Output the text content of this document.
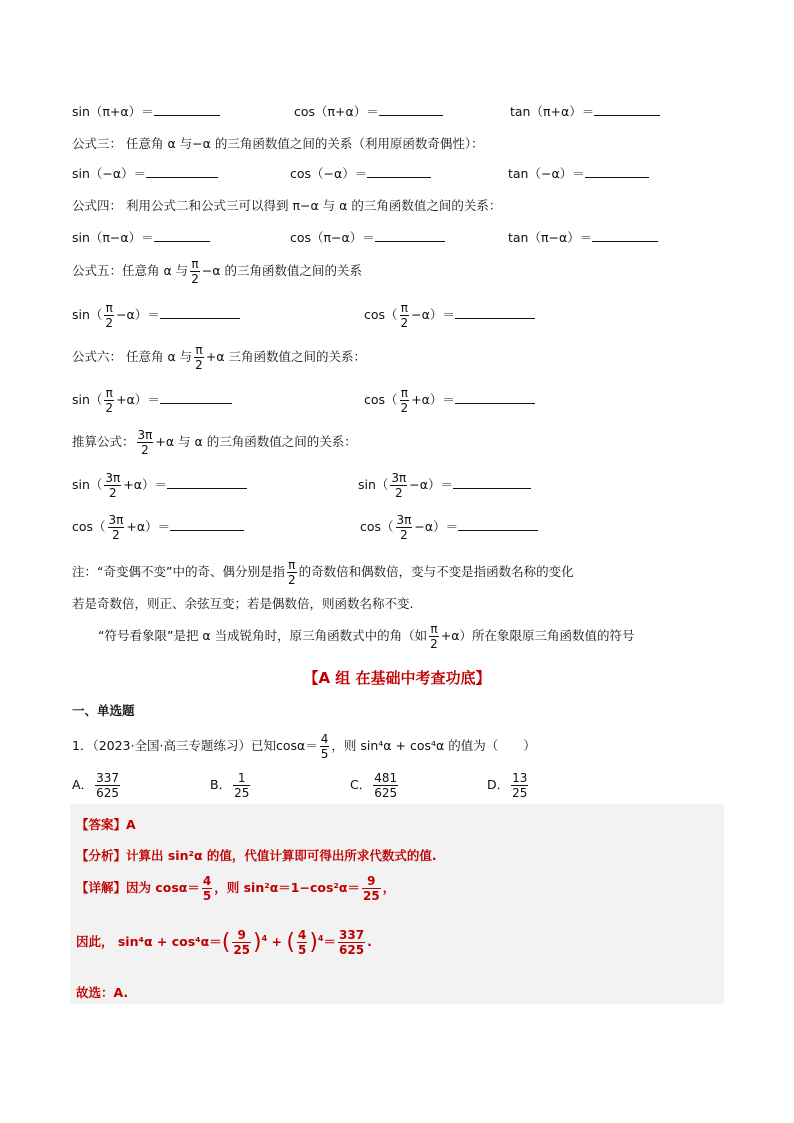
sin（π+α）＝	cos（π+α）＝	tan（π+α）＝
公式三： 任意角 α 与−α 的三角函数值之间的关系（利用原函数奇偶性）：
sin（−α）＝	cos（−α）＝	tan（−α）＝
公式四： 利用公式二和公式三可以得到 π−α 与 α 的三角函数值之间的关系：
sin（π−α）＝	cos（π−α）＝	tan（π−α）＝
公式五：任意角 α 与 $\frac{\pi}{2} -\alpha$ 的三角函数值之间的关系
$\sin( \frac{\pi}{2} -\alpha)=$	$\cos( \frac{\pi}{2} -\alpha)=$
公式六： 任意角 α 与 $\frac{\pi}{2} +\alpha$ 三角函数值之间的关系：
$\sin( \frac{\pi}{2} +\alpha)=$	$\cos( \frac{\pi}{2} +\alpha)=$
推算公式： $\frac{3\pi}{2} +\alpha$ 与 α 的三角函数值之间的关系：
$\sin( \frac{3\pi}{2} +\alpha)=$	$\sin( \frac{3\pi}{2} -\alpha)=$
$\cos( \frac{3\pi}{2} +\alpha)=$	$\cos( \frac{3\pi}{2} -\alpha)=$
注：“奇变偶不变”中的奇、偶分别是指 $\frac{\pi}{2}$ 的奇数倍和偶数倍，变与不变是指函数名称的变化
若是奇数倍，则正、余弦互变；若是偶数倍，则函数名称不变.
“符号看象限”是把 α 当成锐角时，原三角函数式中的角（如 $\frac{\pi}{2} +\alpha$）所在象限原三角函数值的符号
【A 组 在基础中考查功底】
一、单选题
1．（2023·全国·高三专题练习）已知$\cos\alpha= \frac{4}{5}$ ，则 sin⁴α + cos⁴α 的值为（　　）
A． $\frac{337}{625}$	B． $\frac{1}{25}$	C． $\frac{481}{625}$	D． $\frac{13}{25}$
【答案】A
【分析】计算出 sin²α 的值，代值计算即可得出所求代数式的值.
【详解】因为 $\cos\alpha= \frac{4}{5}$ ，则 $\sin^2\alpha=1-\cos^2\alpha= \frac{9}{25}$ ，
因此， $\sin^4\alpha + \cos^4\alpha=( \frac{9}{25} )^4$ + ( $\frac{4}{5} )^4= \frac{337}{625}$ .
故选：A.
